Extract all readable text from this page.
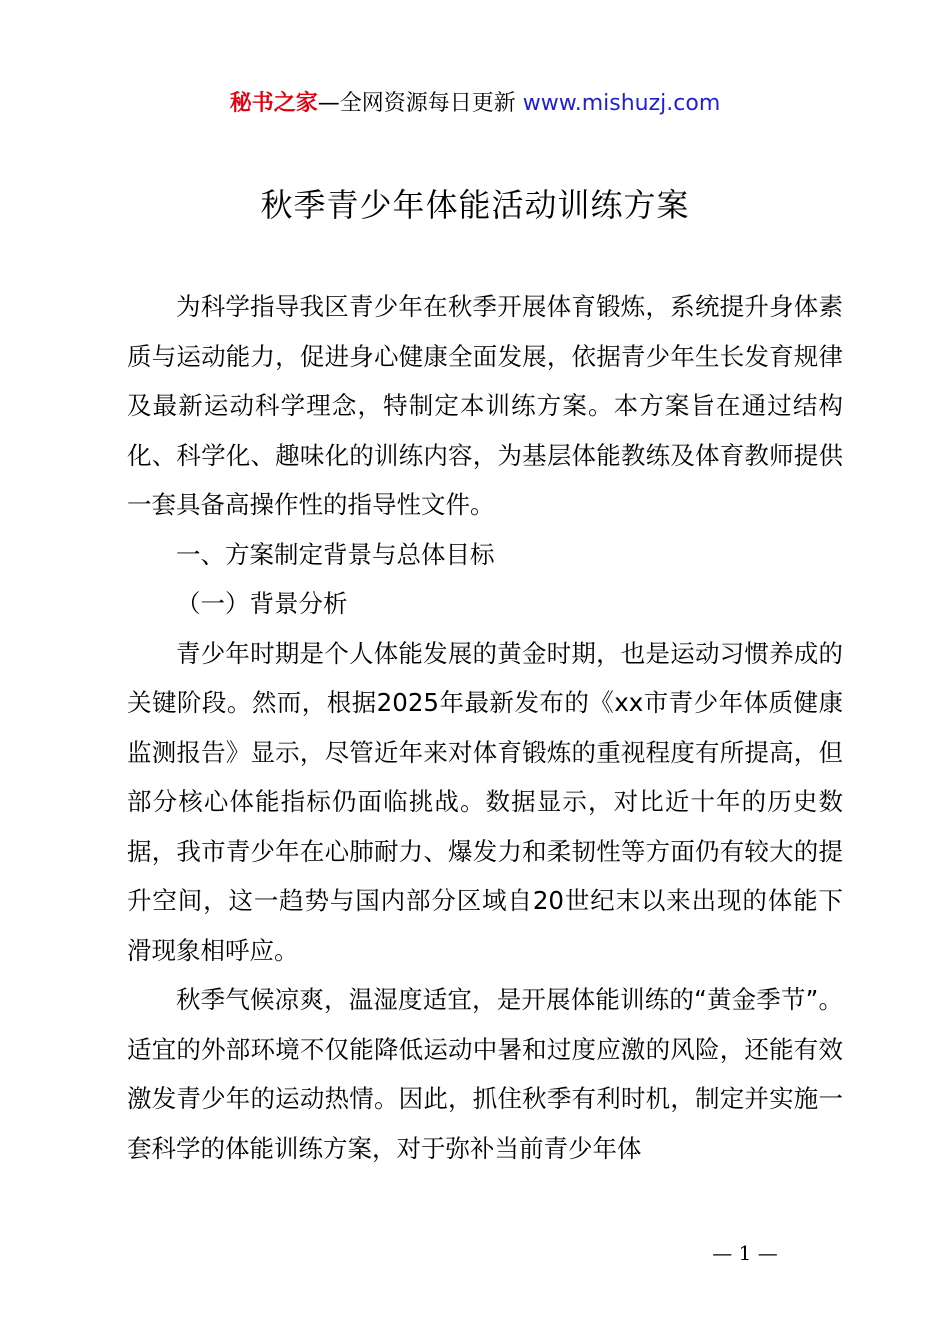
秘书之家—全网资源每日更新 www.mishuzj.com
秋季青少年体能活动训练方案

为科学指导我区青少年在秋季开展体育锻炼，系统提升身体素质与运动能力，促进身心健康全面发展，依据青少年生长发育规律及最新运动科学理念，特制定本训练方案。本方案旨在通过结构化、科学化、趣味化的训练内容，为基层体能教练及体育教师提供一套具备高操作性的指导性文件。

一、方案制定背景与总体目标

（一）背景分析

青少年时期是个人体能发展的黄金时期，也是运动习惯养成的关键阶段。然而，根据2025年最新发布的《xx市青少年体质健康监测报告》显示，尽管近年来对体育锻炼的重视程度有所提高，但部分核心体能指标仍面临挑战。数据显示，对比近十年的历史数据，我市青少年在心肺耐力、爆发力和柔韧性等方面仍有较大的提升空间，这一趋势与国内部分区域自20世纪末以来出现的体能下滑现象相呼应。

秋季气候凉爽，温湿度适宜，是开展体能训练的“黄金季节”。适宜的外部环境不仅能降低运动中暑和过度应激的风险，还能有效激发青少年的运动热情。因此，抓住秋季有利时机，制定并实施一套科学的体能训练方案，对于弥补当前青少年体

— 1 —
